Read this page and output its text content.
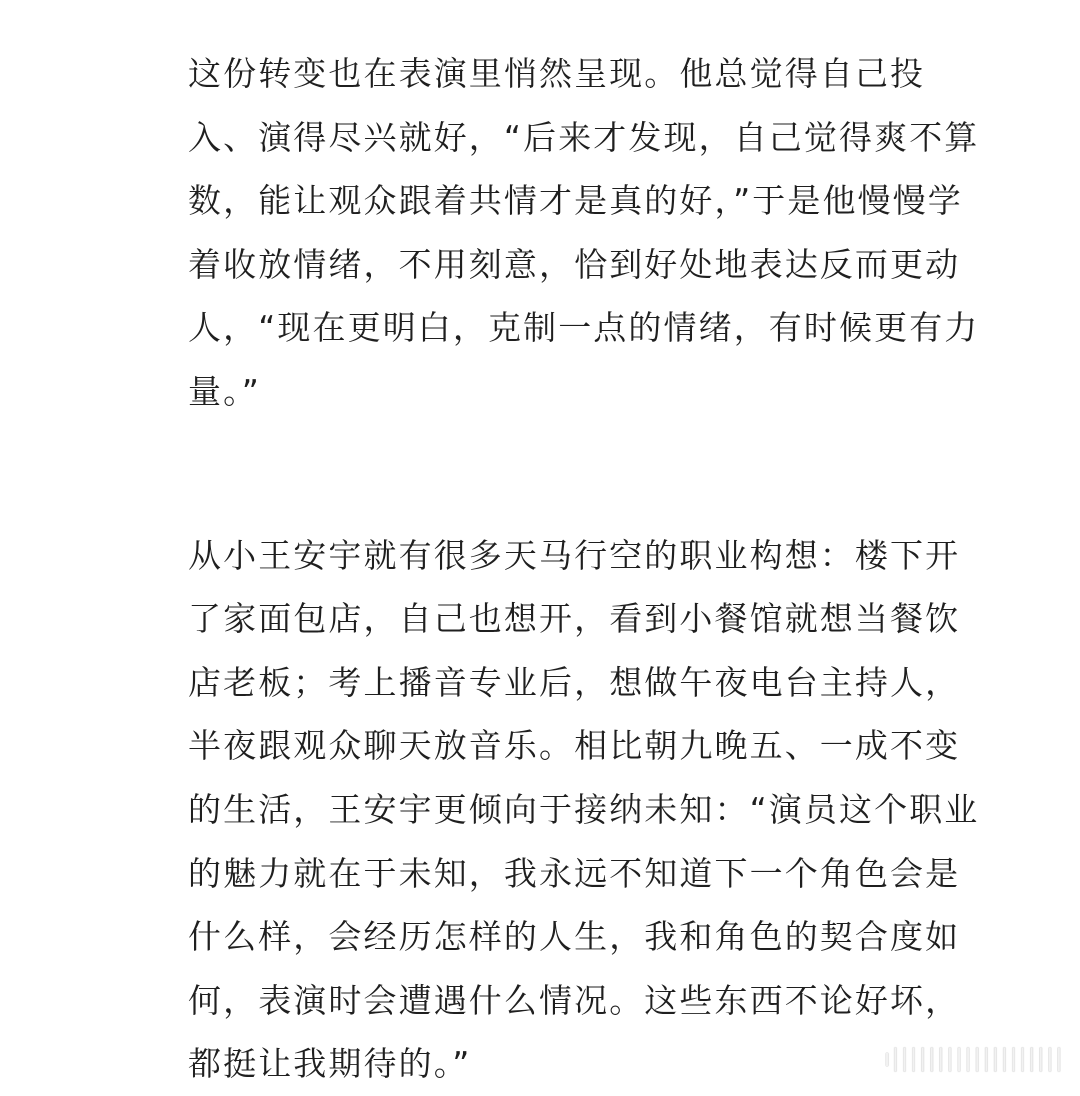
这份转变也在表演里悄然呈现。他总觉得自己投
入、演得尽兴就好，“后来才发现，自己觉得爽不算
数，能让观众跟着共情才是真的好，”于是他慢慢学
着收放情绪，不用刻意，恰到好处地表达反而更动
人，“现在更明白，克制一点的情绪，有时候更有力
量。”

从小王安宇就有很多天马行空的职业构想：楼下开
了家面包店，自己也想开，看到小餐馆就想当餐饮
店老板；考上播音专业后，想做午夜电台主持人，
半夜跟观众聊天放音乐。相比朝九晚五、一成不变
的生活，王安宇更倾向于接纳未知：“演员这个职业
的魅力就在于未知，我永远不知道下一个角色会是
什么样，会经历怎样的人生，我和角色的契合度如
何，表演时会遭遇什么情况。这些东西不论好坏，
都挺让我期待的。”	ı|||||||||||||||||||
